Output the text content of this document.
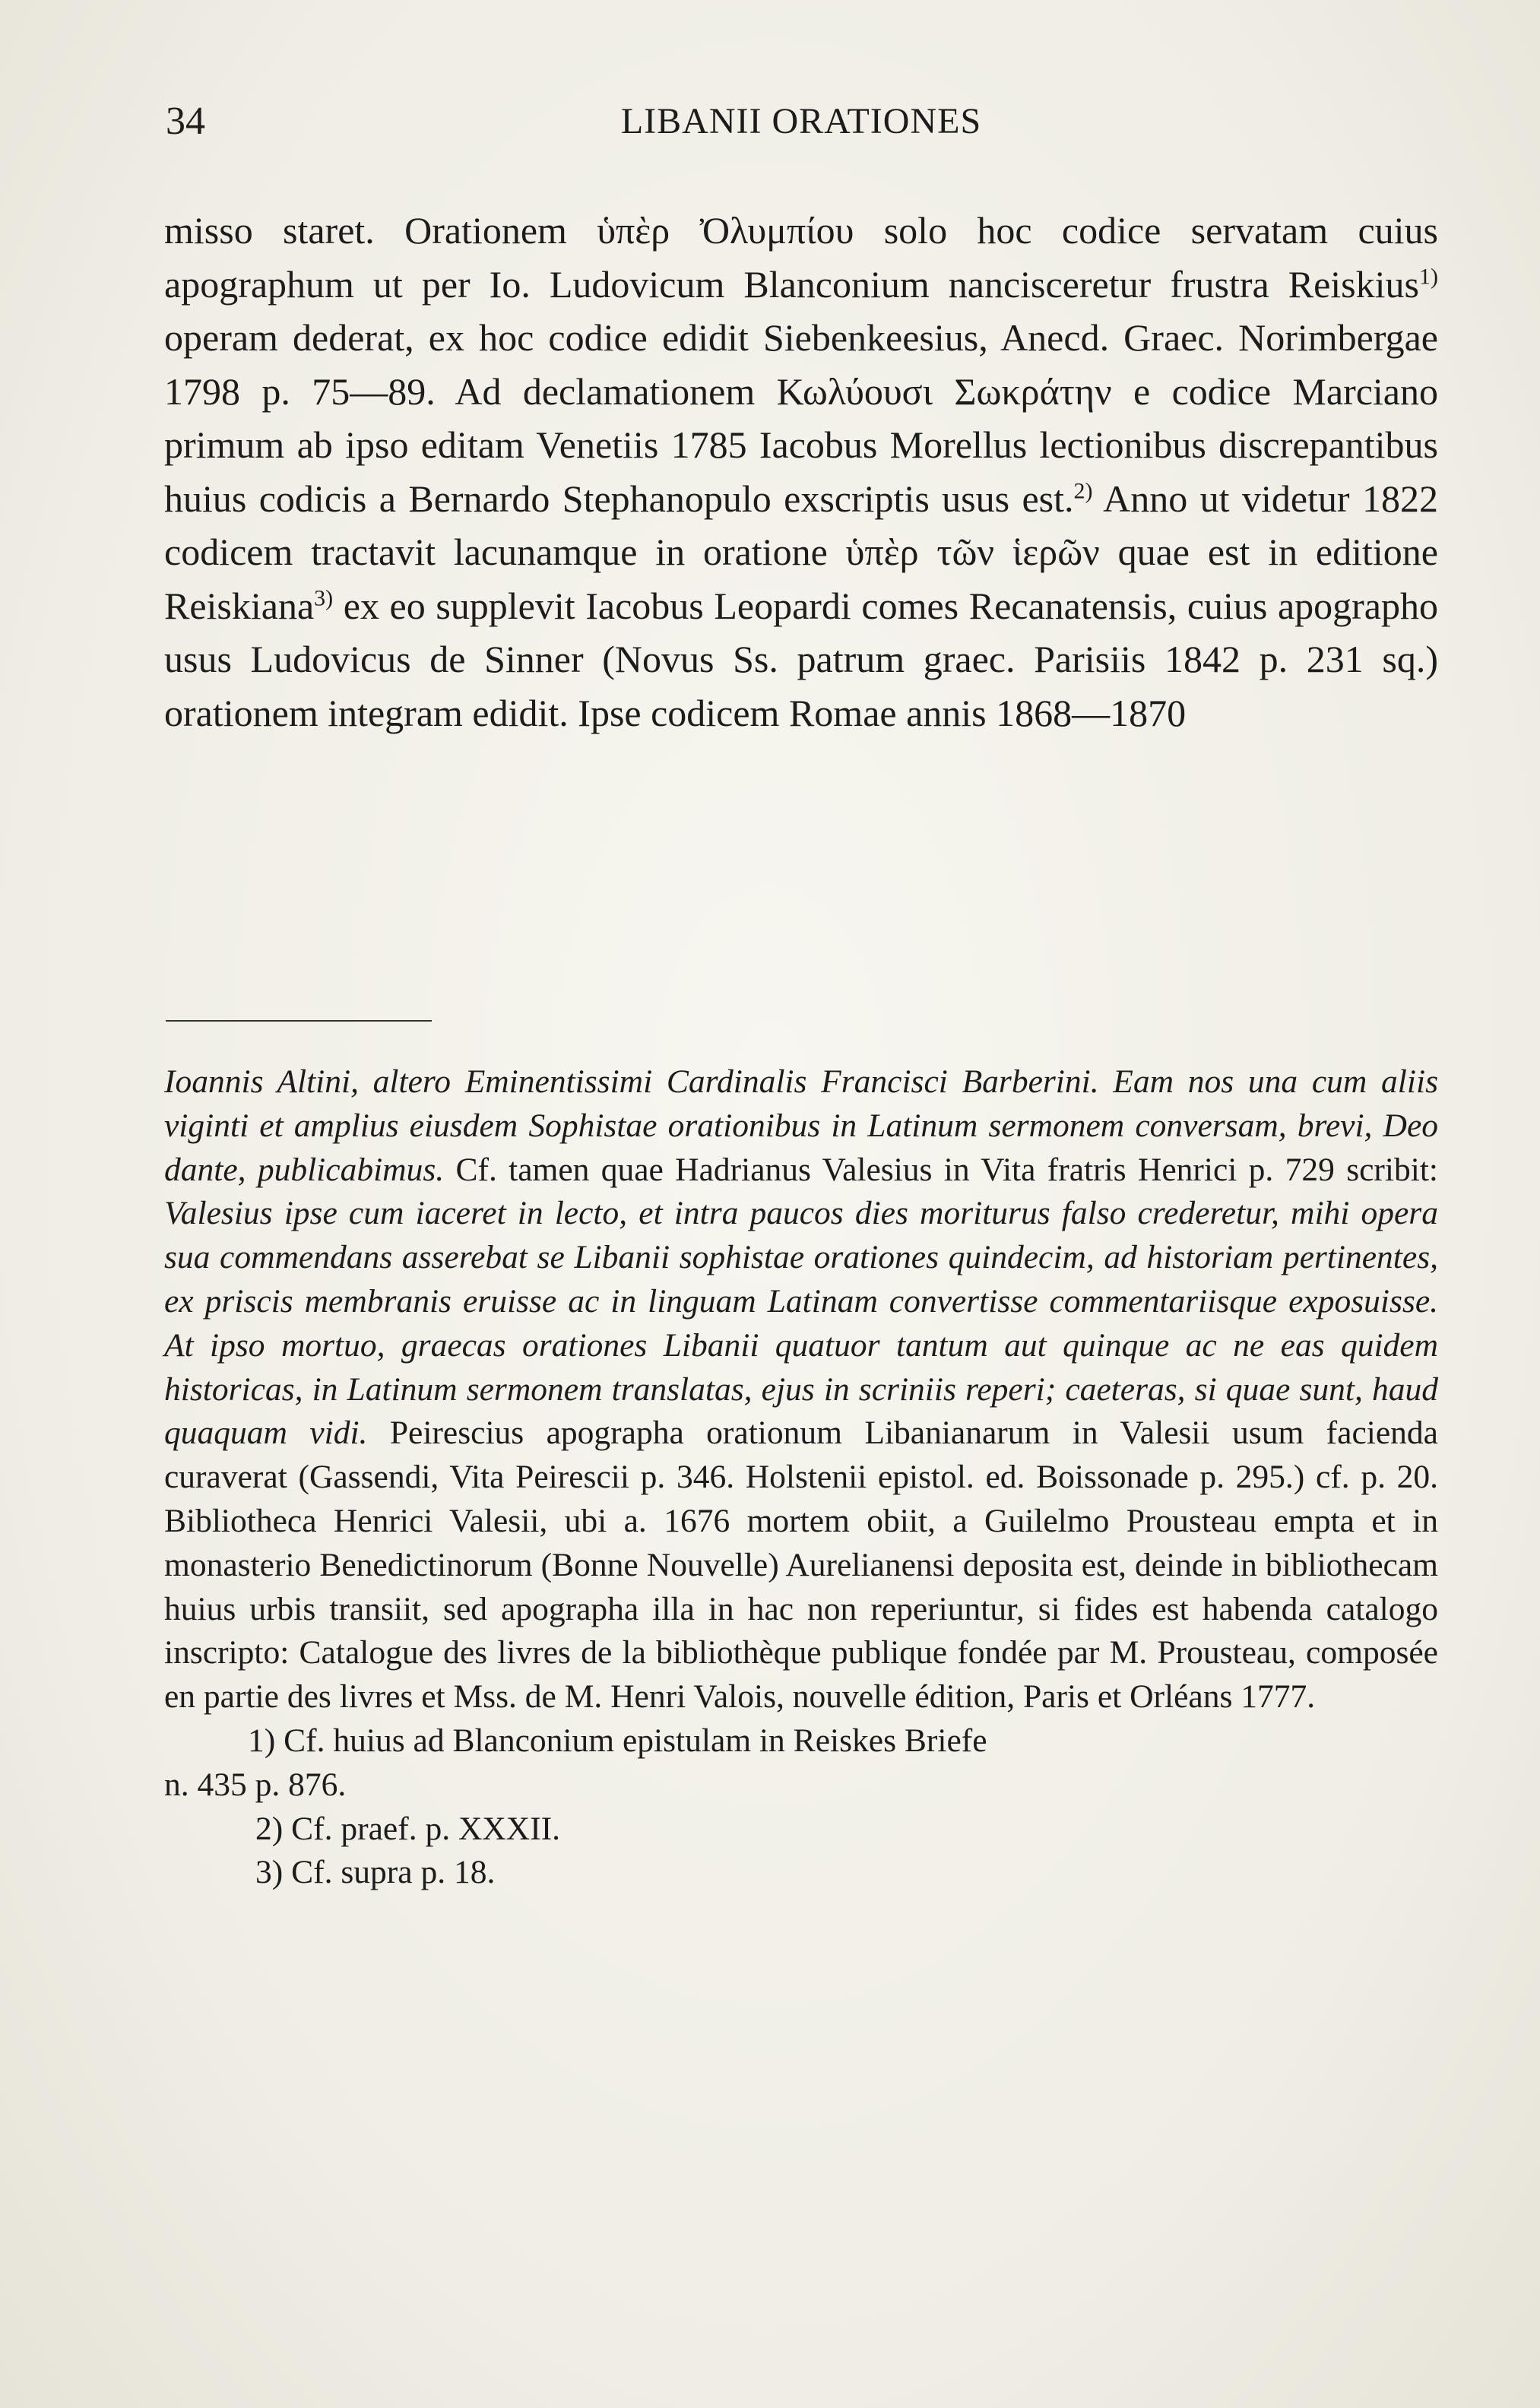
34	LIBANII ORATIONES

misso staret. Orationem ὑπὲρ Ὀλυμπίου solo hoc codice servatam cuius apographum ut per Io. Ludovicum Blanconium nancisceretur frustra Reiskius$^{1)}$ operam dederat, ex hoc codice edidit Siebenkeesius, Anecd. Graec. Norimbergae 1798 p. 75—89. Ad declamationem Κωλύουσι Σωκράτην e codice Marciano primum ab ipso editam Venetiis 1785 Iacobus Morellus lectionibus discrepantibus huius codicis a Bernardo Stephanopulo exscriptis usus est.$^{2)}$ Anno ut videtur 1822 codicem tractavit lacunamque in oratione ὑπὲρ τῶν ἱερῶν quae est in editione Reiskiana$^{3)}$ ex eo supplevit Iacobus Leopardi comes Recanatensis, cuius apographo usus Ludovicus de Sinner (Novus Ss. patrum graec. Parisiis 1842 p. 231 sq.) orationem integram edidit. Ipse codicem Romae annis 1868—1870

Ioannis Altini, altero Eminentissimi Cardinalis Francisci Barberini. Eam nos una cum aliis viginti et amplius eiusdem Sophistae orationibus in Latinum sermonem conversam, brevi, Deo dante, publicabimus. Cf. tamen quae Hadrianus Valesius in Vita fratris Henrici p. 729 scribit: Valesius ipse cum iaceret in lecto, et intra paucos dies moriturus falso crederetur, mihi opera sua commendans asserebat se Libanii sophistae orationes quindecim, ad historiam pertinentes, ex priscis membranis eruisse ac in linguam Latinam convertisse commentariisque exposuisse. At ipso mortuo, graecas orationes Libanii quatuor tantum aut quinque ac ne eas quidem historicas, in Latinum sermonem translatas, ejus in scriniis reperi; caeteras, si quae sunt, haud quaquam vidi. Peirescius apographa orationum Libanianarum in Valesii usum facienda curaverat (Gassendi, Vita Peirescii p. 346. Holstenii epistol. ed. Boissonade p. 295.) cf. p. 20. Bibliotheca Henrici Valesii, ubi a. 1676 mortem obiit, a Guilelmo Prousteau empta et in monasterio Benedictinorum (Bonne Nouvelle) Aurelianensi deposita est, deinde in bibliothecam huius urbis transiit, sed apographa illa in hac non reperiuntur, si fides est habenda catalogo inscripto: Catalogue des livres de la bibliothèque publique fondée par M. Prousteau, composée en partie des livres et Mss. de M. Henri Valois, nouvelle édition, Paris et Orléans 1777.

1) Cf. huius ad Blanconium epistulam in Reiskes Briefe
n. 435 p. 876.
2) Cf. praef. p. XXXII.
3) Cf. supra p. 18.
